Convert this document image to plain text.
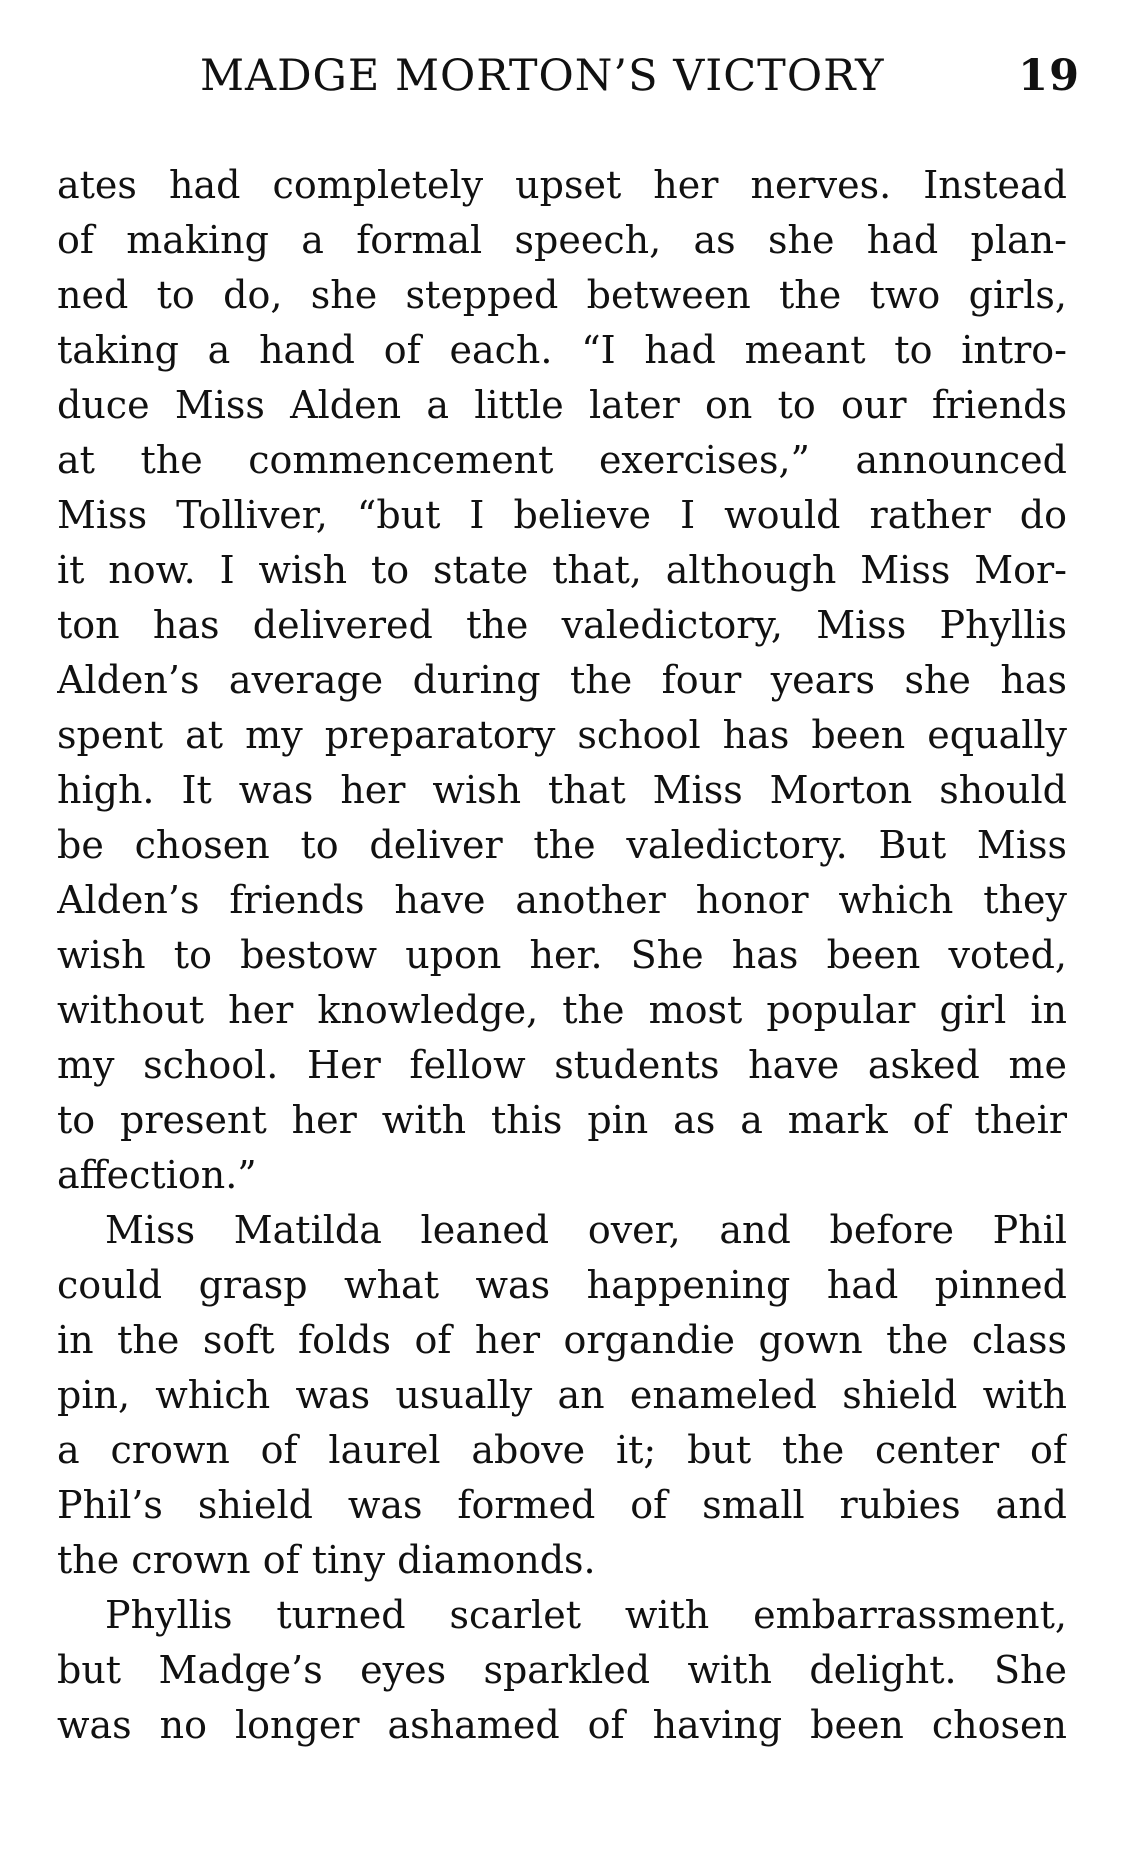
MADGE MORTON’S VICTORY	19
ates had completely upset her nerves. Instead
of making a formal speech, as she had plan-
ned to do, she stepped between the two girls,
taking a hand of each. “I had meant to intro-
duce Miss Alden a little later on to our friends
at the commencement exercises,” announced
Miss Tolliver, “but I believe I would rather do
it now. I wish to state that, although Miss Mor-
ton has delivered the valedictory, Miss Phyllis
Alden’s average during the four years she has
spent at my preparatory school has been equally
high. It was her wish that Miss Morton should
be chosen to deliver the valedictory. But Miss
Alden’s friends have another honor which they
wish to bestow upon her. She has been voted,
without her knowledge, the most popular girl in
my school. Her fellow students have asked me
to present her with this pin as a mark of their
affection.”
Miss Matilda leaned over, and before Phil
could grasp what was happening had pinned
in the soft folds of her organdie gown the class
pin, which was usually an enameled shield with
a crown of laurel above it; but the center of
Phil’s shield was formed of small rubies and
the crown of tiny diamonds.
Phyllis turned scarlet with embarrassment,
but Madge’s eyes sparkled with delight. She
was no longer ashamed of having been chosen
